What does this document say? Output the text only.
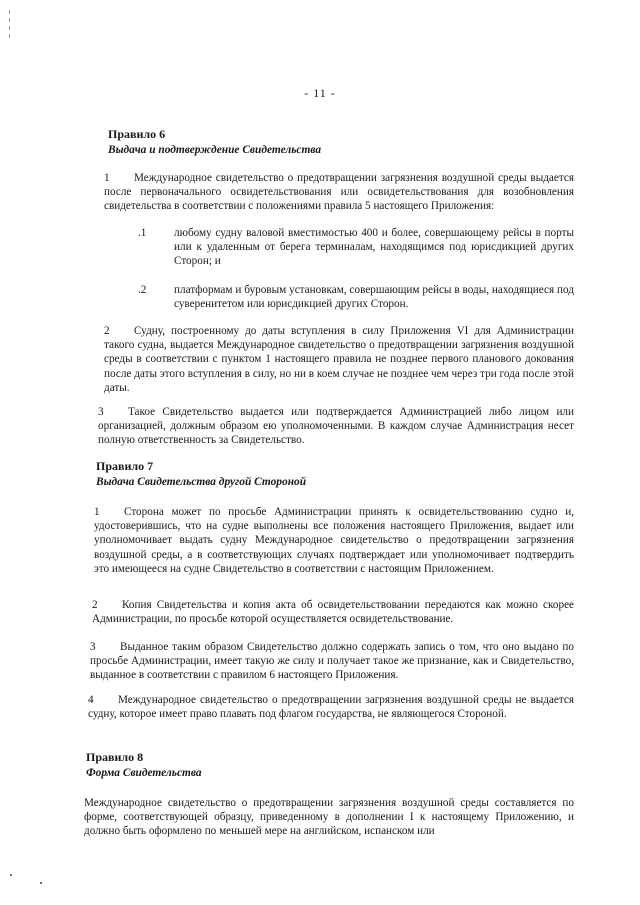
- 11 -
Правило 6
Выдача и подтверждение Свидетельства
1 Международное свидетельство о предотвращении загрязнения воздушной среды выдается после первоначального освидетельствования или освидетельствования для возобновления свидетельства в соответствии с положениями правила 5 настоящего Приложения:
.1 любому судну валовой вместимостью 400 и более, совершающему рейсы в порты или к удаленным от берега терминалам, находящимся под юрисдикцией других Сторон; и
.2 платформам и буровым установкам, совершающим рейсы в воды, находящиеся под суверенитетом или юрисдикцией других Сторон.
2 Судну, построенному до даты вступления в силу Приложения VI для Администрации такого судна, выдается Международное свидетельство о предотвращении загрязнения воздушной среды в соответствии с пунктом 1 настоящего правила не позднее первого планового докования после даты этого вступления в силу, но ни в коем случае не позднее чем через три года после этой даты.
3 Такое Свидетельство выдается или подтверждается Администрацией либо лицом или организацией, должным образом ею уполномоченными. В каждом случае Администрация несет полную ответственность за Свидетельство.
Правило 7
Выдача Свидетельства другой Стороной
1 Сторона может по просьбе Администрации принять к освидетельствованию судно и, удостоверившись, что на судне выполнены все положения настоящего Приложения, выдает или уполномочивает выдать судну Международное свидетельство о предотвращении загрязнения воздушной среды, а в соответствующих случаях подтверждает или уполномочивает подтвердить это имеющееся на судне Свидетельство в соответствии с настоящим Приложением.
2 Копия Свидетельства и копия акта об освидетельствовании передаются как можно скорее Администрации, по просьбе которой осуществляется освидетельствование.
3 Выданное таким образом Свидетельство должно содержать запись о том, что оно выдано по просьбе Администрации, имеет такую же силу и получает такое же признание, как и Свидетельство, выданное в соответствии с правилом 6 настоящего Приложения.
4 Международное свидетельство о предотвращении загрязнения воздушной среды не выдается судну, которое имеет право плавать под флагом государства, не являющегося Стороной.
Правило 8
Форма Свидетельства
Международное свидетельство о предотвращении загрязнения воздушной среды составляется по форме, соответствующей образцу, приведенному в дополнении I к настоящему Приложению, и должно быть оформлено по меньшей мере на английском, испанском или
